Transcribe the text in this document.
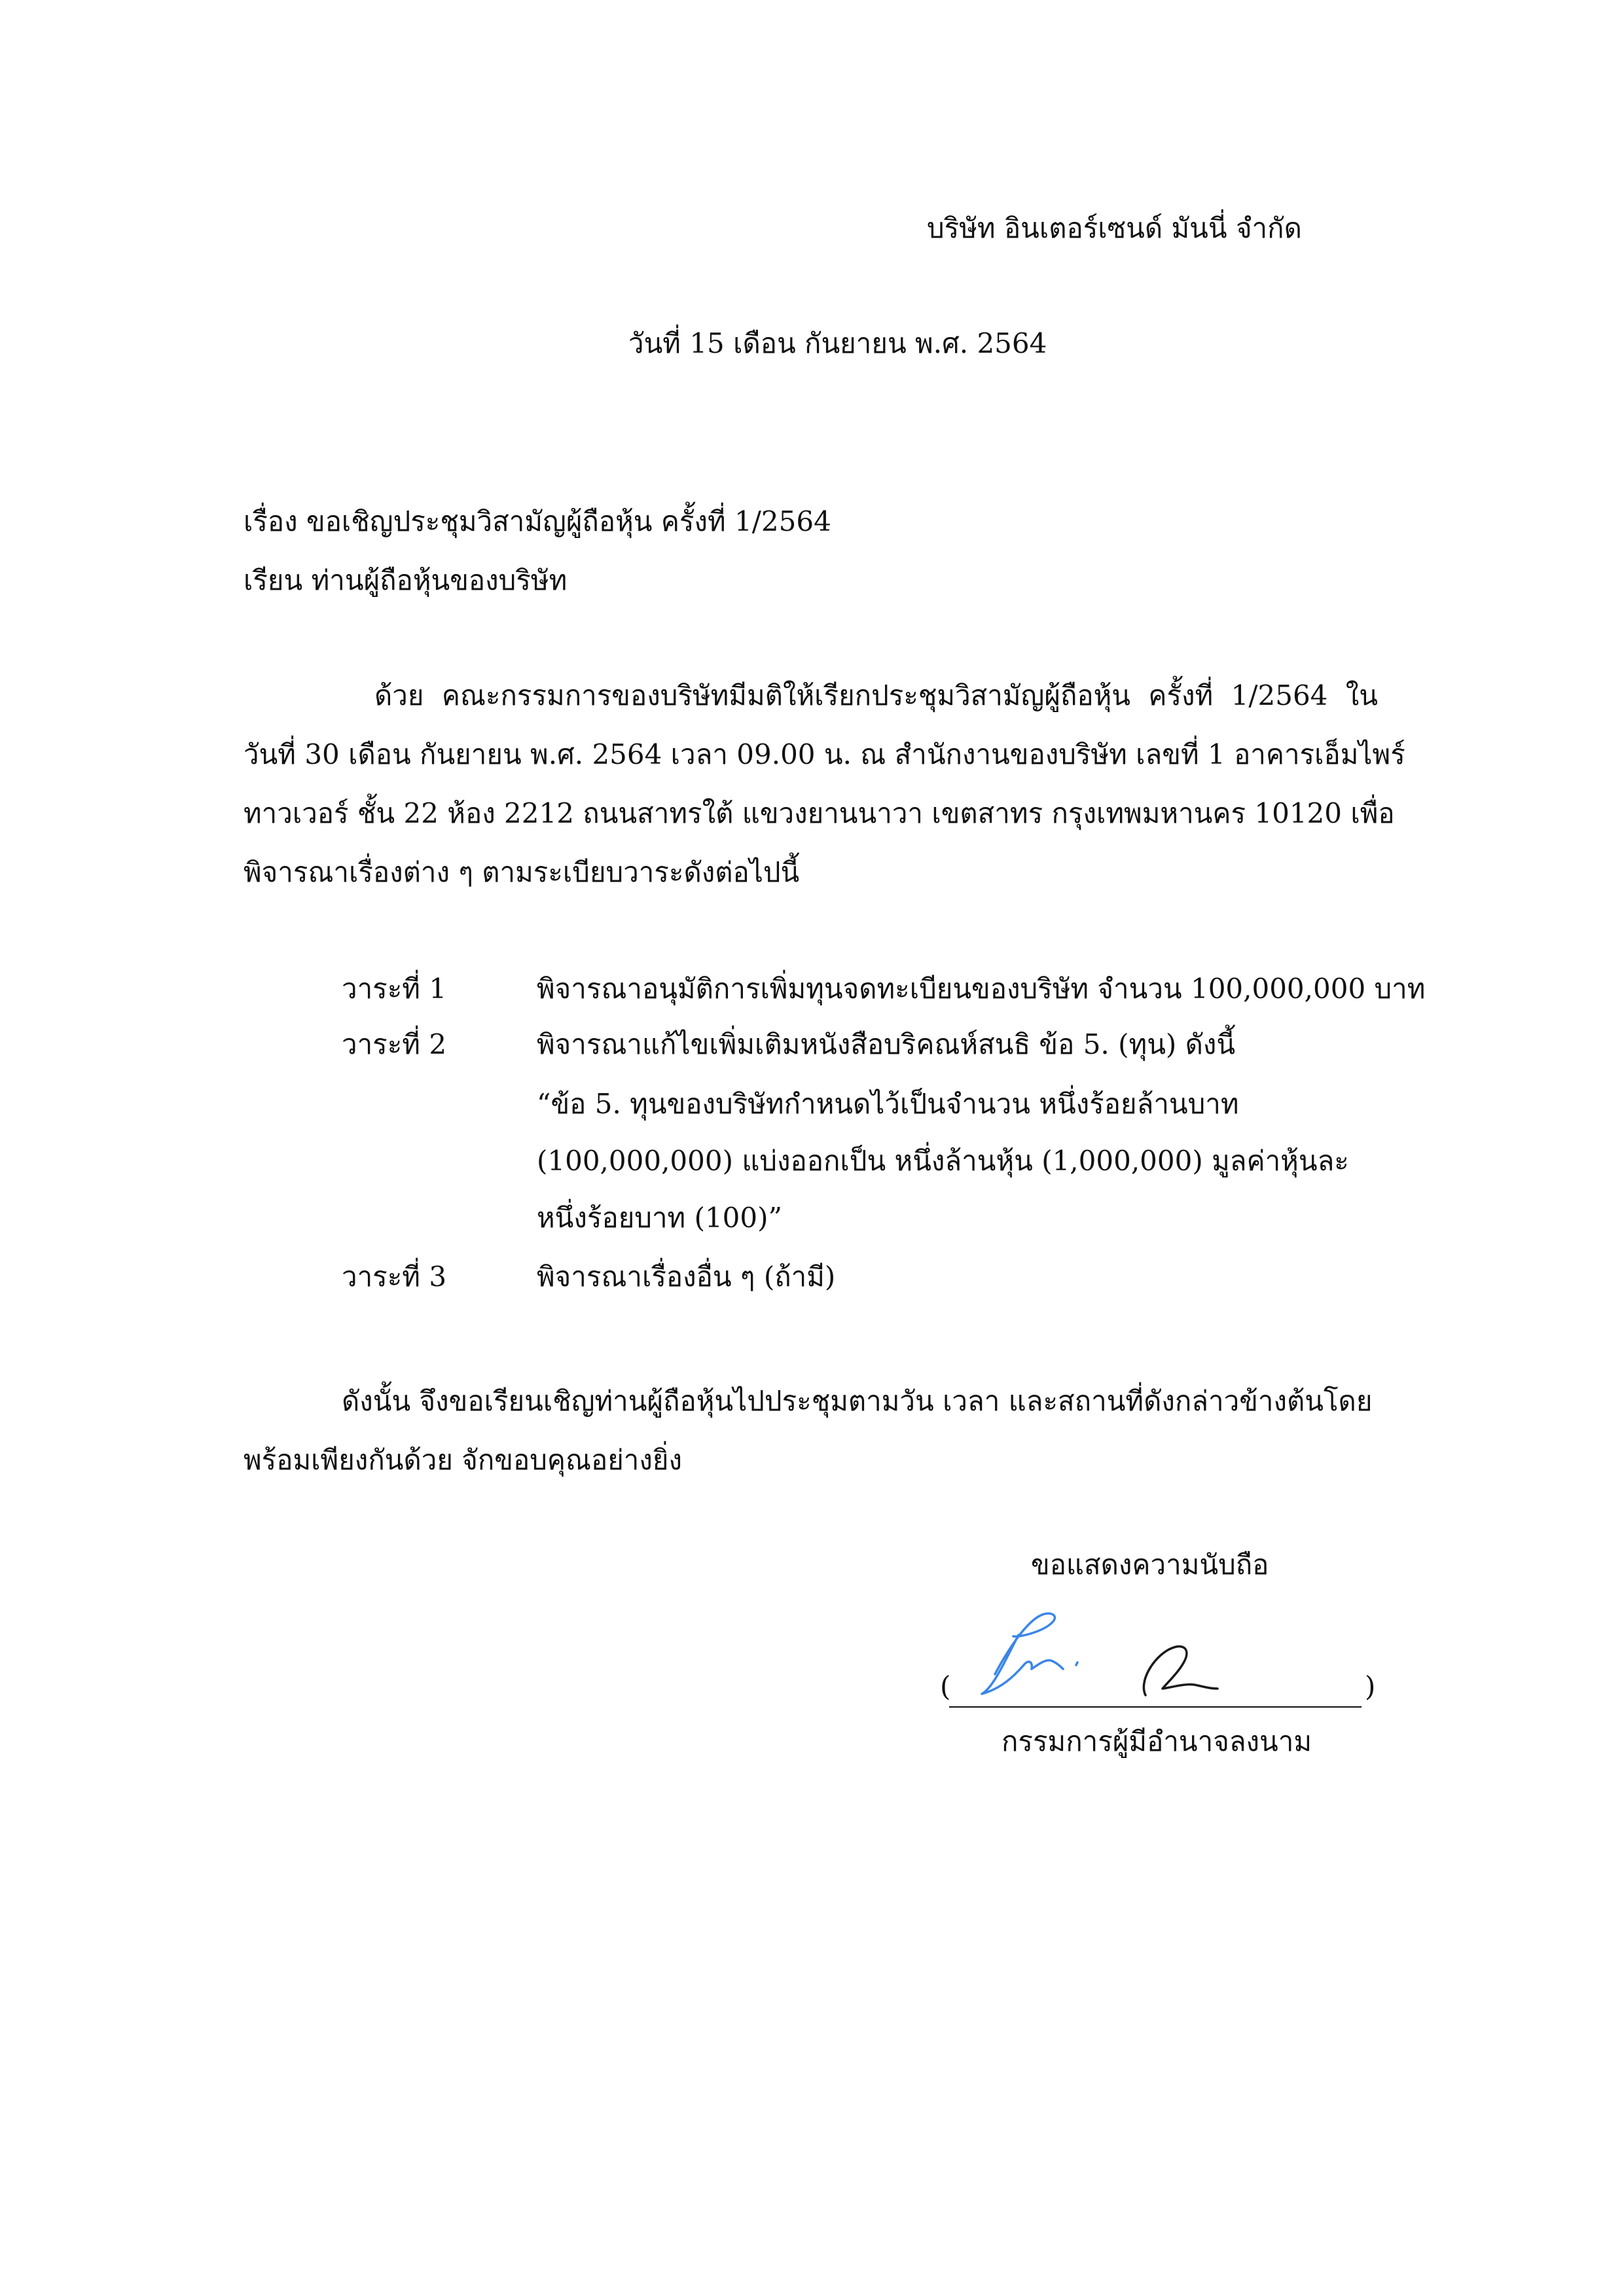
บริษัท อินเตอร์เซนด์ มันนี่ จำกัด
วันที่ 15 เดือน กันยายน พ.ศ. 2564
เรื่อง ขอเชิญประชุมวิสามัญผู้ถือหุ้น ครั้งที่ 1/2564
เรียน ท่านผู้ถือหุ้นของบริษัท
ด้วย คณะกรรมการของบริษัทมีมติให้เรียกประชุมวิสามัญผู้ถือหุ้น ครั้งที่ 1/2564 ใน
วันที่ 30 เดือน กันยายน พ.ศ. 2564 เวลา 09.00 น. ณ สำนักงานของบริษัท เลขที่ 1 อาคารเอ็มไพร์
ทาวเวอร์ ชั้น 22 ห้อง 2212 ถนนสาทรใต้ แขวงยานนาวา เขตสาทร กรุงเทพมหานคร 10120 เพื่อ
พิจารณาเรื่องต่าง ๆ ตามระเบียบวาระดังต่อไปนี้
วาระที่ 1	พิจารณาอนุมัติการเพิ่มทุนจดทะเบียนของบริษัท จำนวน 100,000,000 บาท
วาระที่ 2	พิจารณาแก้ไขเพิ่มเติมหนังสือบริคณห์สนธิ ข้อ 5. (ทุน) ดังนี้
“ข้อ 5. ทุนของบริษัทกำหนดไว้เป็นจำนวน หนึ่งร้อยล้านบาท
(100,000,000) แบ่งออกเป็น หนึ่งล้านหุ้น (1,000,000) มูลค่าหุ้นละ
หนึ่งร้อยบาท (100)”
วาระที่ 3	พิจารณาเรื่องอื่น ๆ (ถ้ามี)
ดังนั้น จึงขอเรียนเชิญท่านผู้ถือหุ้นไปประชุมตามวัน เวลา และสถานที่ดังกล่าวข้างต้นโดย
พร้อมเพียงกันด้วย จักขอบคุณอย่างยิ่ง
ขอแสดงความนับถือ
(	)
กรรมการผู้มีอำนาจลงนาม
